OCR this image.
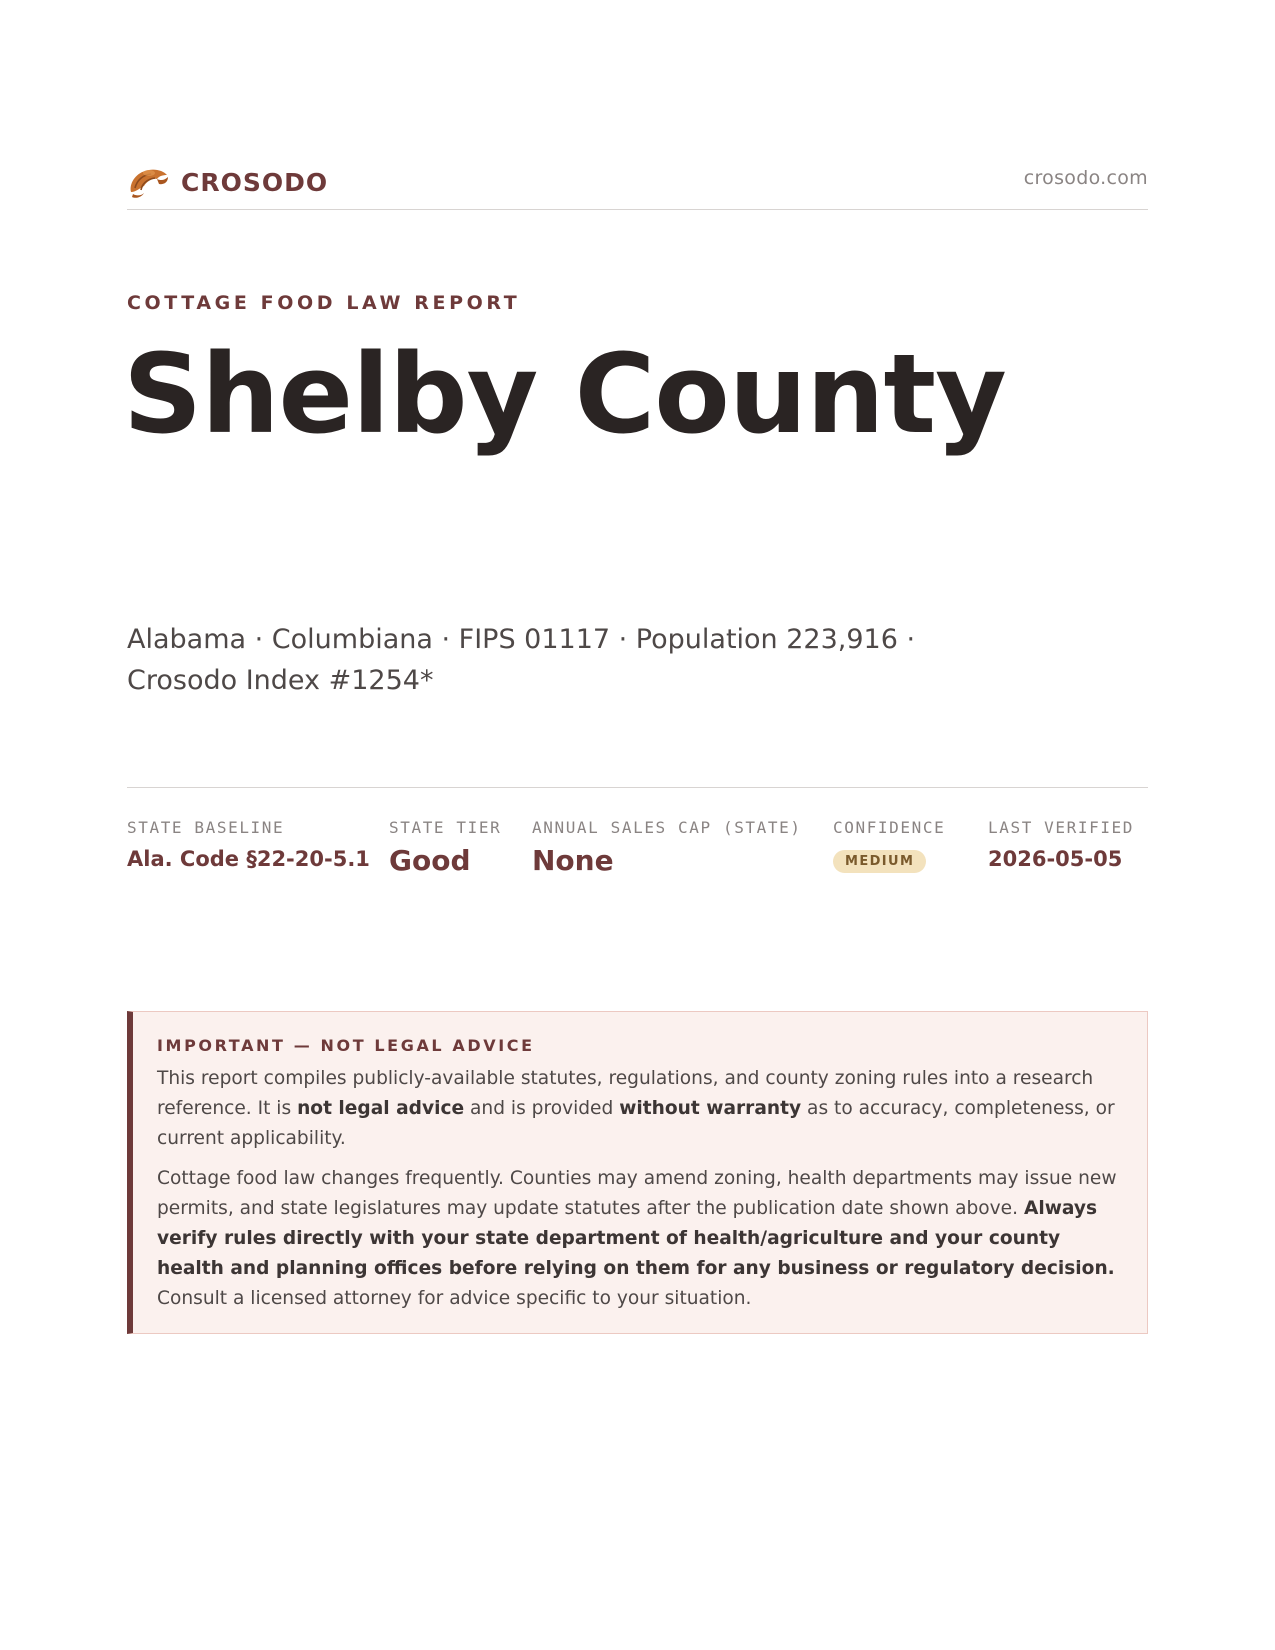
CROSODO	crosodo.com
COTTAGE FOOD LAW REPORT
Shelby County
Alabama · Columbiana · FIPS 01117 · Population 223,916 · Crosodo Index #1254*
STATE BASELINE
Ala. Code §22-20-5.1
STATE TIER
Good
ANNUAL SALES CAP (STATE)
None
CONFIDENCE
MEDIUM
LAST VERIFIED
2026-05-05
IMPORTANT — NOT LEGAL ADVICE

This report compiles publicly-available statutes, regulations, and county zoning rules into a research reference. It is not legal advice and is provided without warranty as to accuracy, completeness, or current applicability.

Cottage food law changes frequently. Counties may amend zoning, health departments may issue new permits, and state legislatures may update statutes after the publication date shown above. Always verify rules directly with your state department of health/agriculture and your county health and planning offices before relying on them for any business or regulatory decision. Consult a licensed attorney for advice specific to your situation.
